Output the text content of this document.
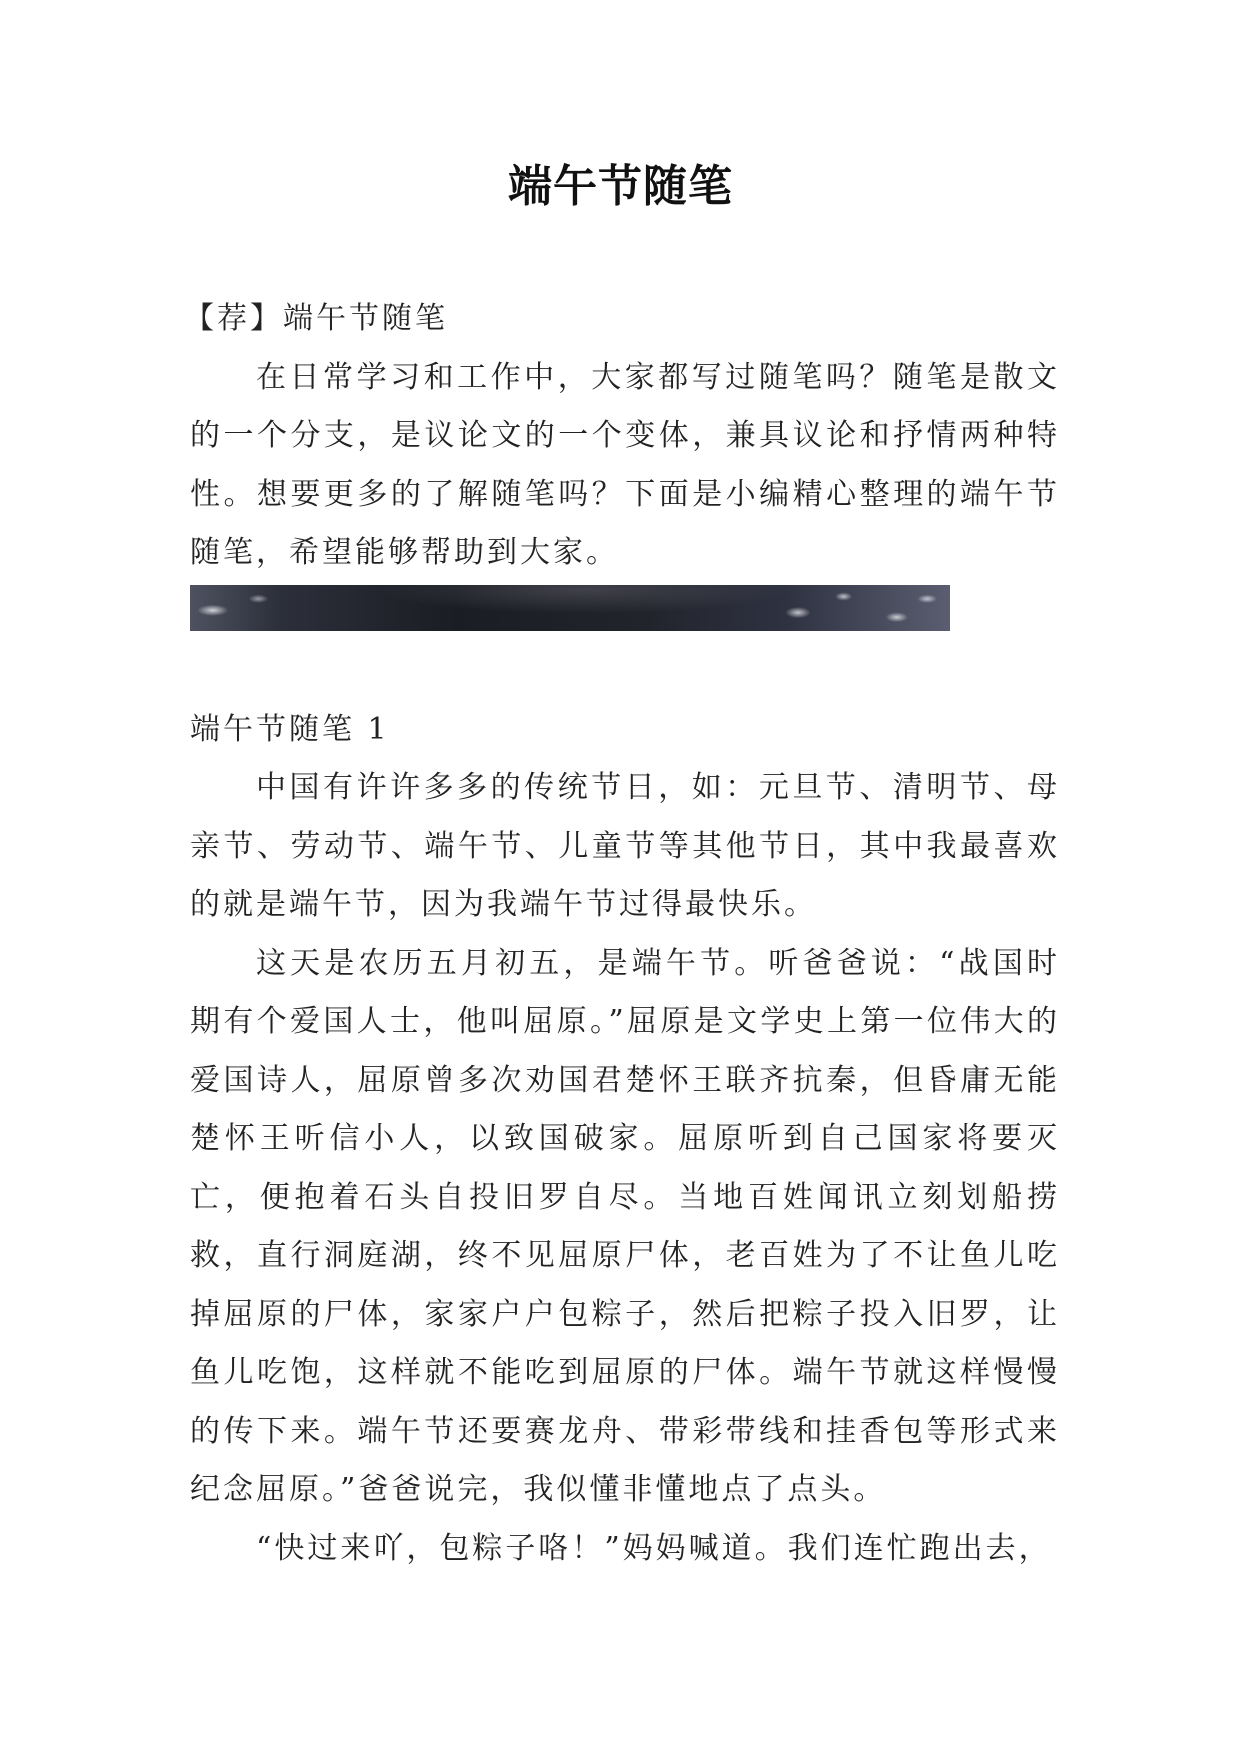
端午节随笔

【荐】端午节随笔

在日常学习和工作中，大家都写过随笔吗？随笔是散文的一个分支，是议论文的一个变体，兼具议论和抒情两种特性。想要更多的了解随笔吗？下面是小编精心整理的端午节随笔，希望能够帮助到大家。

端午节随笔 1

中国有许许多多的传统节日，如：元旦节、清明节、母亲节、劳动节、端午节、儿童节等其他节日，其中我最喜欢的就是端午节，因为我端午节过得最快乐。

这天是农历五月初五，是端午节。听爸爸说：“战国时期有个爱国人士，他叫屈原。”屈原是文学史上第一位伟大的爱国诗人，屈原曾多次劝国君楚怀王联齐抗秦，但昏庸无能楚怀王听信小人，以致国破家。屈原听到自己国家将要灭亡，便抱着石头自投旧罗自尽。当地百姓闻讯立刻划船捞救，直行洞庭湖，终不见屈原尸体，老百姓为了不让鱼儿吃掉屈原的尸体，家家户户包粽子，然后把粽子投入旧罗，让鱼儿吃饱，这样就不能吃到屈原的尸体。端午节就这样慢慢的传下来。端午节还要赛龙舟、带彩带线和挂香包等形式来纪念屈原。”爸爸说完，我似懂非懂地点了点头。

“快过来吖，包粽子咯！”妈妈喊道。我们连忙跑出去，
